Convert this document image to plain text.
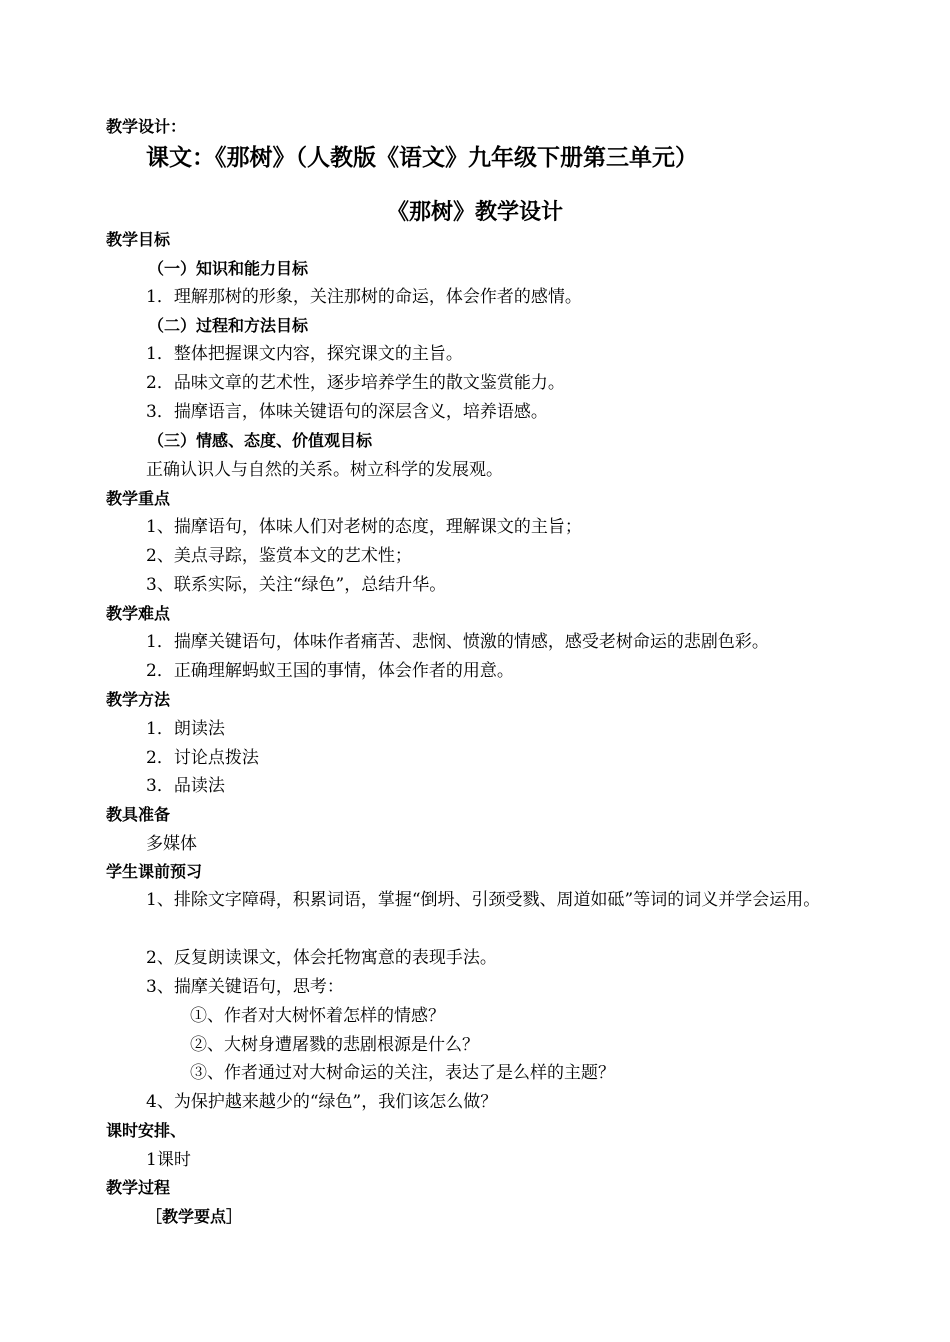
教学设计：
课文：《那树》（人教版《语文》九年级下册第三单元）
《那树》教学设计
教学目标
（一）知识和能力目标
1．理解那树的形象，关注那树的命运，体会作者的感情。
（二）过程和方法目标
1．整体把握课文内容，探究课文的主旨。
2．品味文章的艺术性，逐步培养学生的散文鉴赏能力。
3．揣摩语言，体味关键语句的深层含义，培养语感。
（三）情感、态度、价值观目标
正确认识人与自然的关系。树立科学的发展观。
教学重点
1、揣摩语句，体味人们对老树的态度，理解课文的主旨；
2、美点寻踪，鉴赏本文的艺术性；
3、联系实际，关注“绿色”，总结升华。
教学难点
1．揣摩关键语句，体味作者痛苦、悲悯、愤激的情感，感受老树命运的悲剧色彩。
2．正确理解蚂蚁王国的事情，体会作者的用意。
教学方法
1．朗读法
2．讨论点拨法
3．品读法
教具准备
多媒体
学生课前预习
1、排除文字障碍，积累词语，掌握“倒坍、引颈受戮、周道如砥”等词的词义并学会运用。
2、反复朗读课文，体会托物寓意的表现手法。
3、揣摩关键语句，思考：
①、作者对大树怀着怎样的情感？
②、大树身遭屠戮的悲剧根源是什么？
③、作者通过对大树命运的关注，表达了是么样的主题？
4、为保护越来越少的“绿色”，我们该怎么做？
课时安排、
1课时
教学过程
［教学要点］
